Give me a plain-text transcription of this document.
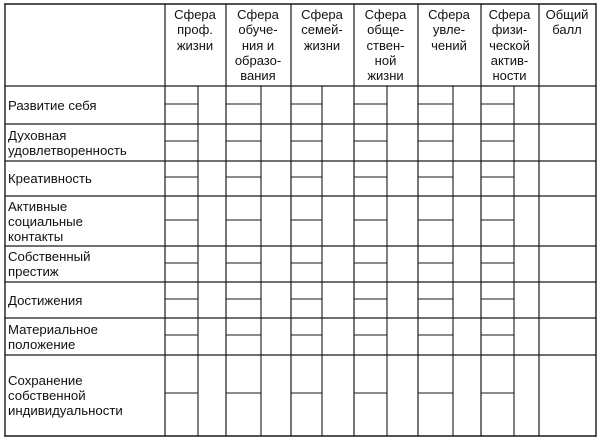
Сфера
проф.
жизни
Сфера
обуче-
ния и
образо-
вания
Сфера
семей-
жизни
Сфера
обще-
ствен-
ной
жизни
Сфера
увле-
чений
Сфера
физи-
ческой
актив-
ности
Общий
балл
Развитие себя
Духовная
удовлетворенность
Креативность
Активные
социальные
контакты
Собственный
престиж
Достижения
Материальное
положение
Сохранение
собственной
индивидуальности
